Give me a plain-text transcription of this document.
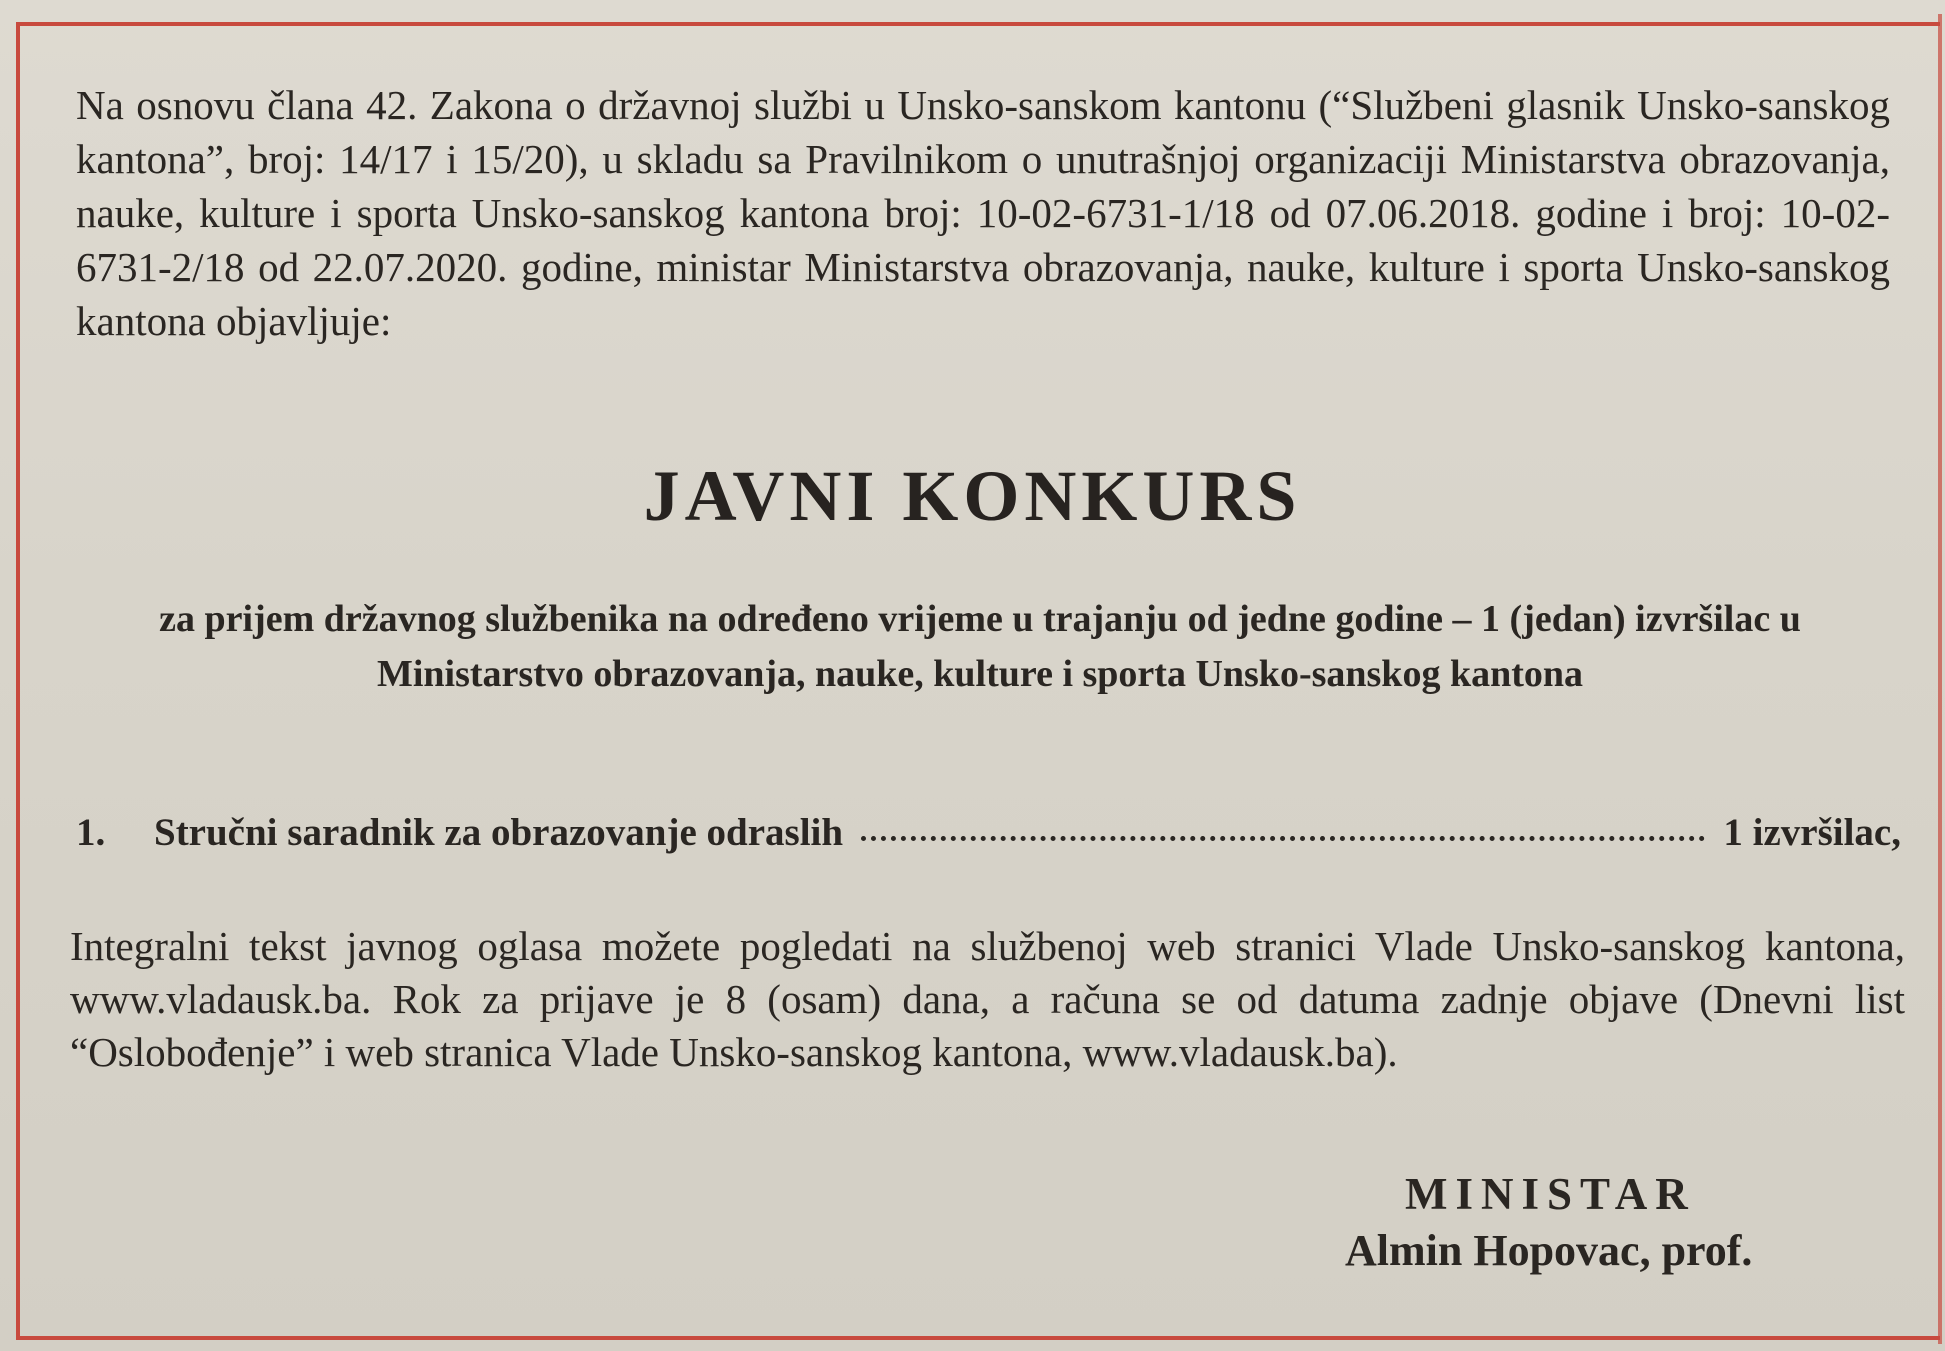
Na osnovu člana 42. Zakona o državnoj službi u Unsko-sanskom kantonu (“Službeni glasnik Unsko-sanskog kantona”, broj: 14/17 i 15/20), u skladu sa Pravilnikom o unutrašnjoj organizaciji Ministarstva obrazovanja, nauke, kulture i sporta Unsko-sanskog kantona broj: 10-02-6731-1/18 od 07.06.2018. godine i broj: 10-02-6731-2/18 od 22.07.2020. godine, ministar Ministarstva obrazovanja, nauke, kulture i sporta Unsko-sanskog kantona objavljuje:

JAVNI KONKURS

za prijem državnog službenika na određeno vrijeme u trajanju od jedne godine – 1 (jedan) izvršilac u Ministarstvo obrazovanja, nauke, kulture i sporta Unsko-sanskog kantona

1.	Stručni saradnik za obrazovanje odraslih	1 izvršilac,

Integralni tekst javnog oglasa možete pogledati na službenoj web stranici Vlade Unsko-sanskog kantona, www.vladausk.ba. Rok za prijave je 8 (osam) dana, a računa se od datuma zadnje objave (Dnevni list “Oslobođenje” i web stranica Vlade Unsko-sanskog kantona, www.vladausk.ba).

MINISTAR

Almin Hopovac, prof.
